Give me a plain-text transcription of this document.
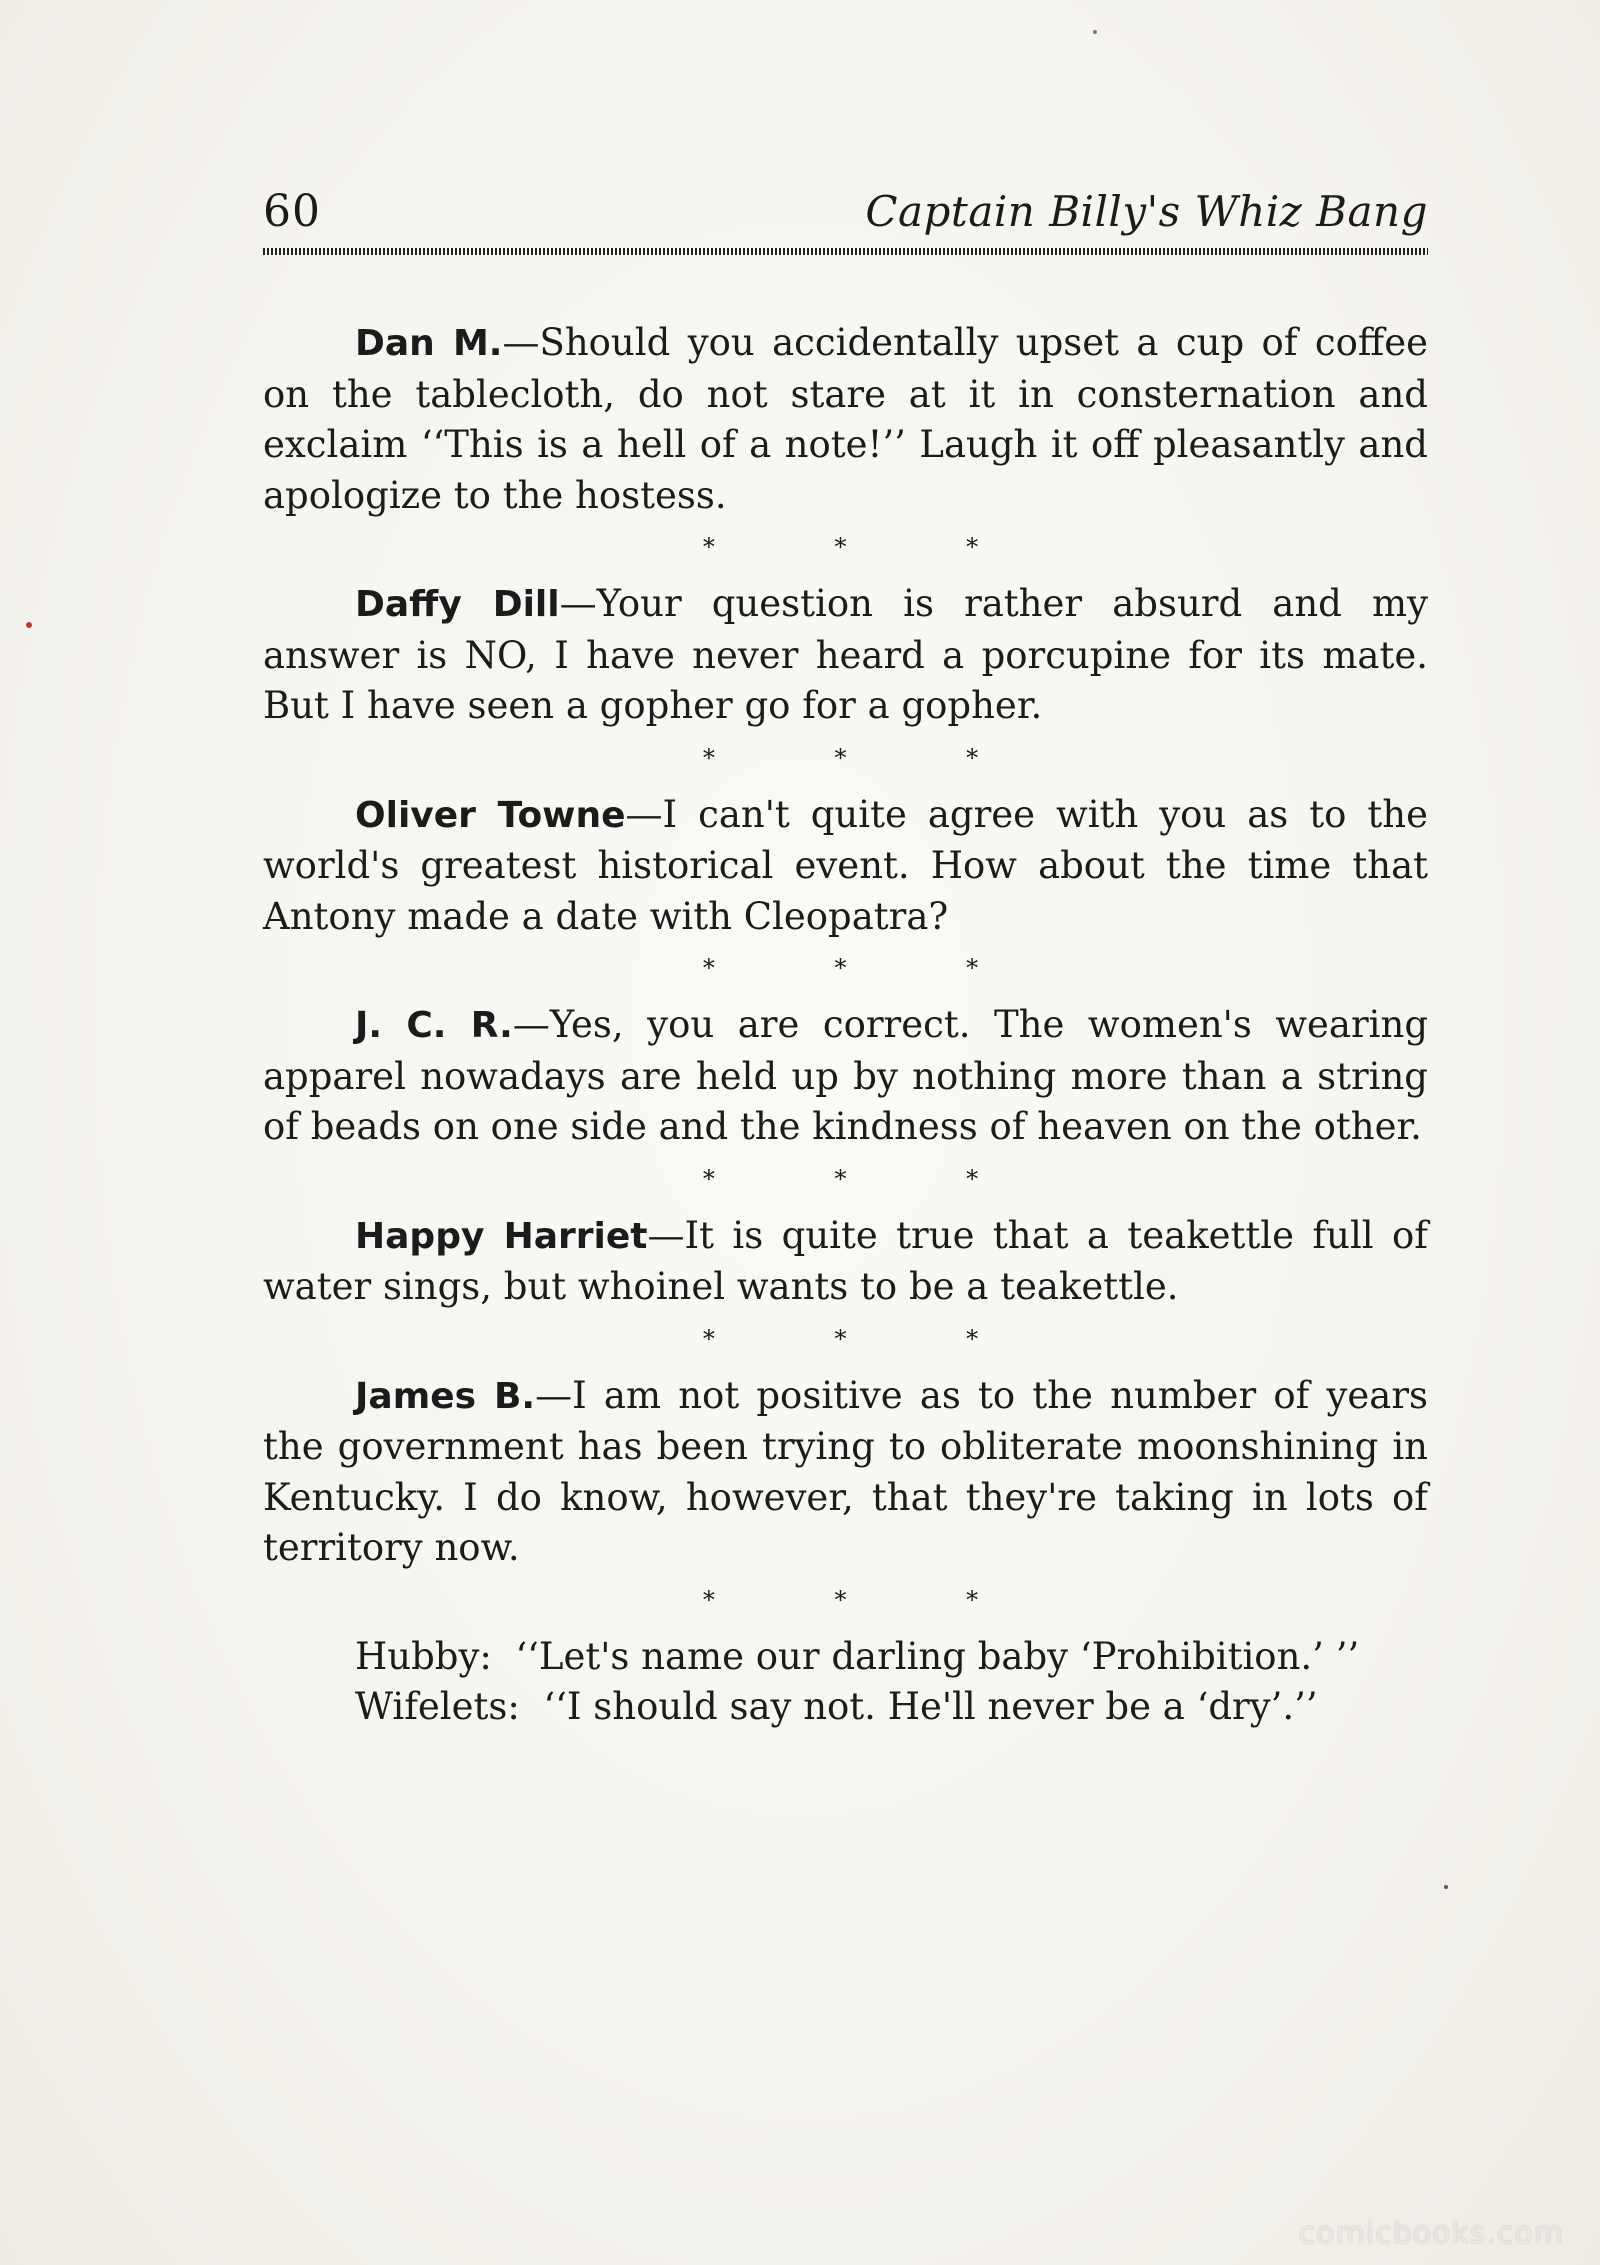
60	Captain Billy's Whiz Bang

Dan M.—Should you accidentally upset a cup of coffee on the tablecloth, do not stare at it in consternation and exclaim ‘‘This is a hell of a note!’’ Laugh it off pleasantly and apologize to the hostess.

* * *

Daffy Dill—Your question is rather absurd and my answer is NO, I have never heard a porcupine for its mate. But I have seen a gopher go for a gopher.

* * *

Oliver Towne—I can't quite agree with you as to the world's greatest historical event. How about the time that Antony made a date with Cleopatra?

* * *

J. C. R.—Yes, you are correct. The women's wearing apparel nowadays are held up by nothing more than a string of beads on one side and the kindness of heaven on the other.

* * *

Happy Harriet—It is quite true that a teakettle full of water sings, but whoinel wants to be a teakettle.

* * *

James B.—I am not positive as to the number of years the government has been trying to obliterate moonshining in Kentucky. I do know, however, that they're taking in lots of territory now.

* * *

Hubby: ‘‘Let's name our darling baby ‘Prohibition.’ ’’

Wifelets: ‘‘I should say not. He'll never be a ‘dry’.’’

comicbooks.com
